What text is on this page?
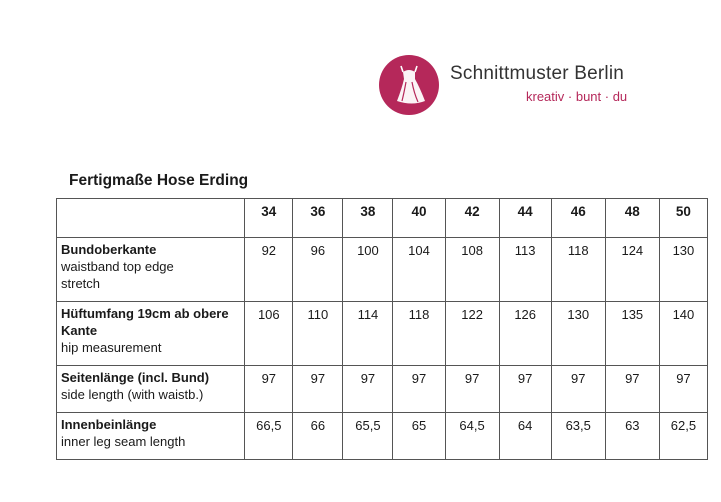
Schnittmuster Berlin
kreativ · bunt · du
Fertigmaße Hose Erding
	34	36	38	40	42	44	46	48	50

Bundoberkante
waistband top edge
stretch	92	96	100	104	108	113	118	124	130

Hüftumfang 19cm ab obere Kante
hip measurement	106	110	114	118	122	126	130	135	140

Seitenlänge (incl. Bund)
side length (with waistb.)	97	97	97	97	97	97	97	97	97

Innenbeinlänge
inner leg seam length	66,5	66	65,5	65	64,5	64	63,5	63	62,5
